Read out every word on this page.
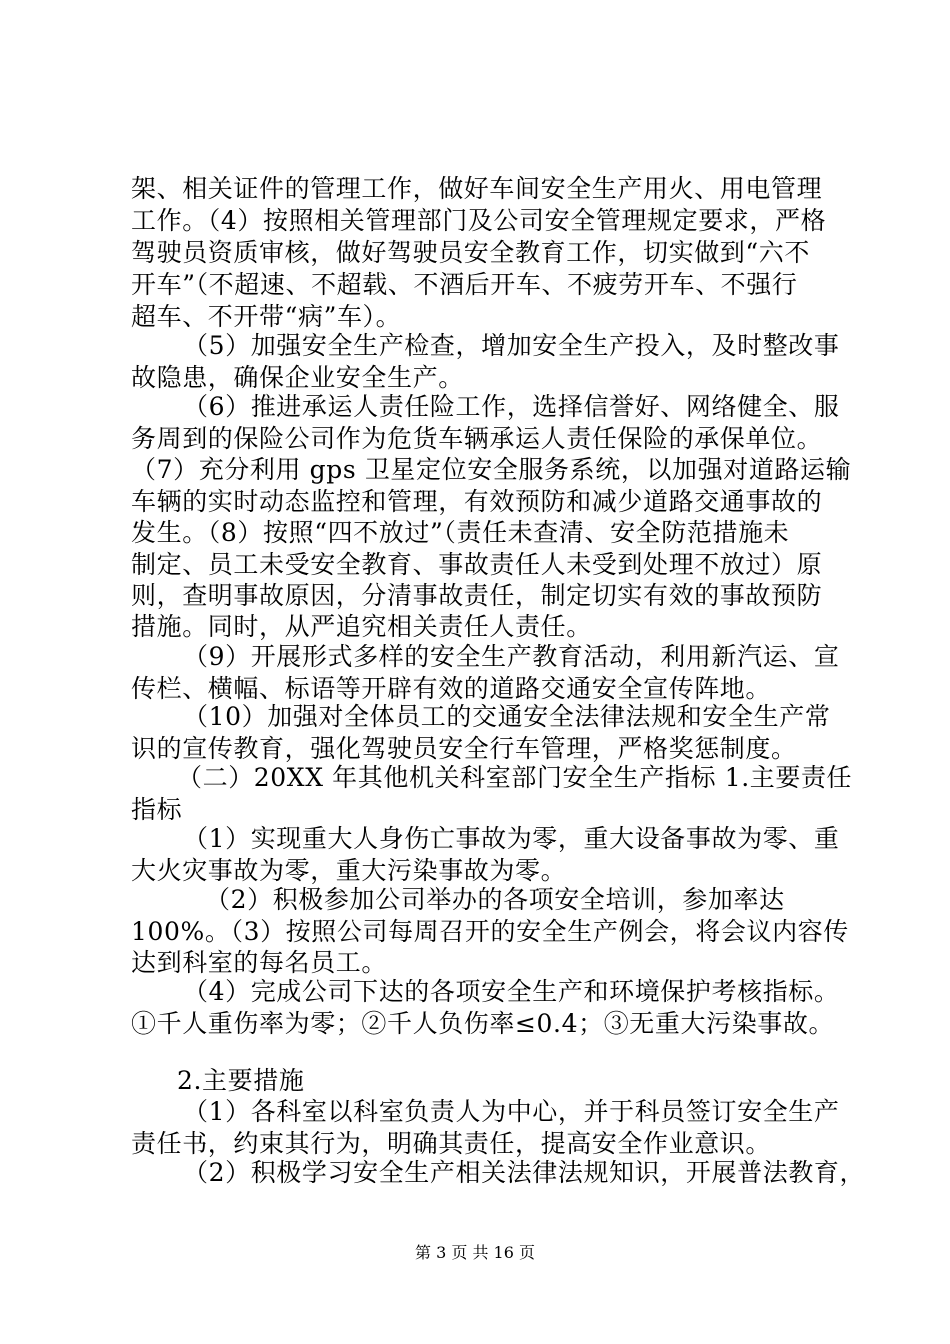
架、相关证件的管理工作，做好车间安全生产用火、用电管理
工作。（4）按照相关管理部门及公司安全管理规定要求，严格
驾驶员资质审核，做好驾驶员安全教育工作，切实做到“六不
开车”（不超速、不超载、不酒后开车、不疲劳开车、不强行
超车、不开带“病”车）。
（5）加强安全生产检查，增加安全生产投入，及时整改事
故隐患，确保企业安全生产。
（6）推进承运人责任险工作，选择信誉好、网络健全、服
务周到的保险公司作为危货车辆承运人责任保险的承保单位。
（7）充分利用 gps 卫星定位安全服务系统，以加强对道路运输
车辆的实时动态监控和管理，有效预防和减少道路交通事故的
发生。（8）按照“四不放过”（责任未查清、安全防范措施未
制定、员工未受安全教育、事故责任人未受到处理不放过）原
则，查明事故原因，分清事故责任，制定切实有效的事故预防
措施。同时，从严追究相关责任人责任。
（9）开展形式多样的安全生产教育活动，利用新汽运、宣
传栏、横幅、标语等开辟有效的道路交通安全宣传阵地。
（10）加强对全体员工的交通安全法律法规和安全生产常
识的宣传教育，强化驾驶员安全行车管理，严格奖惩制度。
（二）20XX 年其他机关科室部门安全生产指标 1.主要责任
指标
（1）实现重大人身伤亡事故为零，重大设备事故为零、重
大火灾事故为零，重大污染事故为零。
（2）积极参加公司举办的各项安全培训，参加率达
100%。（3）按照公司每周召开的安全生产例会，将会议内容传
达到科室的每名员工。
（4）完成公司下达的各项安全生产和环境保护考核指标。
①千人重伤率为零；②千人负伤率≤0.4；③无重大污染事故。
2.主要措施
（1）各科室以科室负责人为中心，并于科员签订安全生产
责任书，约束其行为，明确其责任，提高安全作业意识。
（2）积极学习安全生产相关法律法规知识，开展普法教育，
第 3 页 共 16 页
